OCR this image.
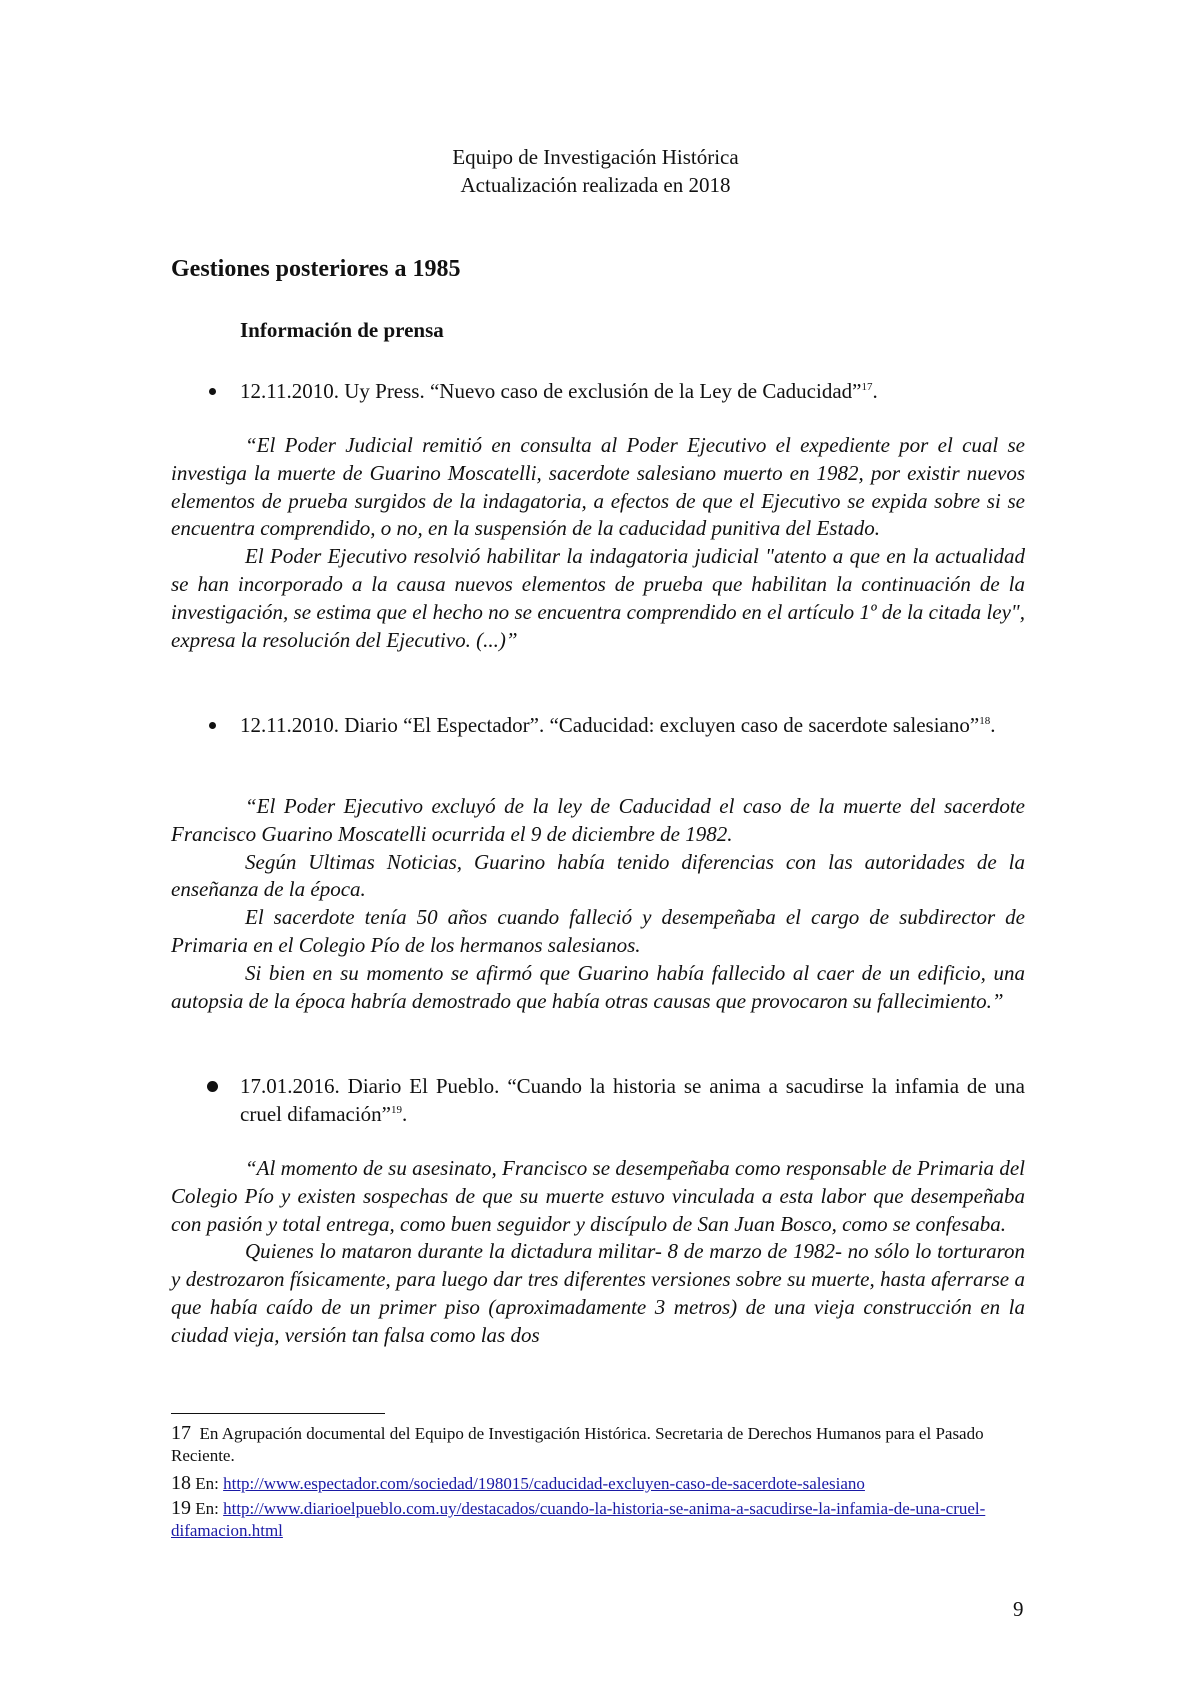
Equipo de Investigación Histórica
Actualización realizada en 2018
Gestiones posteriores a 1985
Información de prensa
12.11.2010. Uy Press. “Nuevo caso de exclusión de la Ley de Caducidad”$^{17}$.

“El Poder Judicial remitió en consulta al Poder Ejecutivo el expediente por el cual se investiga la muerte de Guarino Moscatelli, sacerdote salesiano muerto en 1982, por existir nuevos elementos de prueba surgidos de la indagatoria, a efectos de que el Ejecutivo se expida sobre si se encuentra comprendido, o no, en la suspensión de la caducidad punitiva del Estado.

El Poder Ejecutivo resolvió habilitar la indagatoria judicial "atento a que en la actualidad se han incorporado a la causa nuevos elementos de prueba que habilitan la continuación de la investigación, se estima que el hecho no se encuentra comprendido en el artículo 1º de la citada ley", expresa la resolución del Ejecutivo. (...)”

12.11.2010. Diario “El Espectador”. “Caducidad: excluyen caso de sacerdote salesiano”$^{18}$.

“El Poder Ejecutivo excluyó de la ley de Caducidad el caso de la muerte del sacerdote Francisco Guarino Moscatelli ocurrida el 9 de diciembre de 1982.

Según Ultimas Noticias, Guarino había tenido diferencias con las autoridades de la enseñanza de la época.

El sacerdote tenía 50 años cuando falleció y desempeñaba el cargo de subdirector de Primaria en el Colegio Pío de los hermanos salesianos.

Si bien en su momento se afirmó que Guarino había fallecido al caer de un edificio, una autopsia de la época habría demostrado que había otras causas que provocaron su fallecimiento.”

17.01.2016. Diario El Pueblo. “Cuando la historia se anima a sacudirse la infamia de una cruel difamación”$^{19}$.

“Al momento de su asesinato, Francisco se desempeñaba como responsable de Primaria del Colegio Pío y existen sospechas de que su muerte estuvo vinculada a esta labor que desempeñaba con pasión y total entrega, como buen seguidor y discípulo de San Juan Bosco, como se confesaba.

Quienes lo mataron durante la dictadura militar- 8 de marzo de 1982- no sólo lo torturaron y destrozaron físicamente, para luego dar tres diferentes versiones sobre su muerte, hasta aferrarse a que había caído de un primer piso (aproximadamente 3 metros) de una vieja construcción en la ciudad vieja, versión tan falsa como las dos

17 En Agrupación documental del Equipo de Investigación Histórica. Secretaria de Derechos Humanos para el Pasado Reciente.
18 En: http://www.espectador.com/sociedad/198015/caducidad-excluyen-caso-de-sacerdote-salesiano
19 En: http://www.diarioelpueblo.com.uy/destacados/cuando-la-historia-se-anima-a-sacudirse-la-infamia-de-una-cruel-difamacion.html
9
